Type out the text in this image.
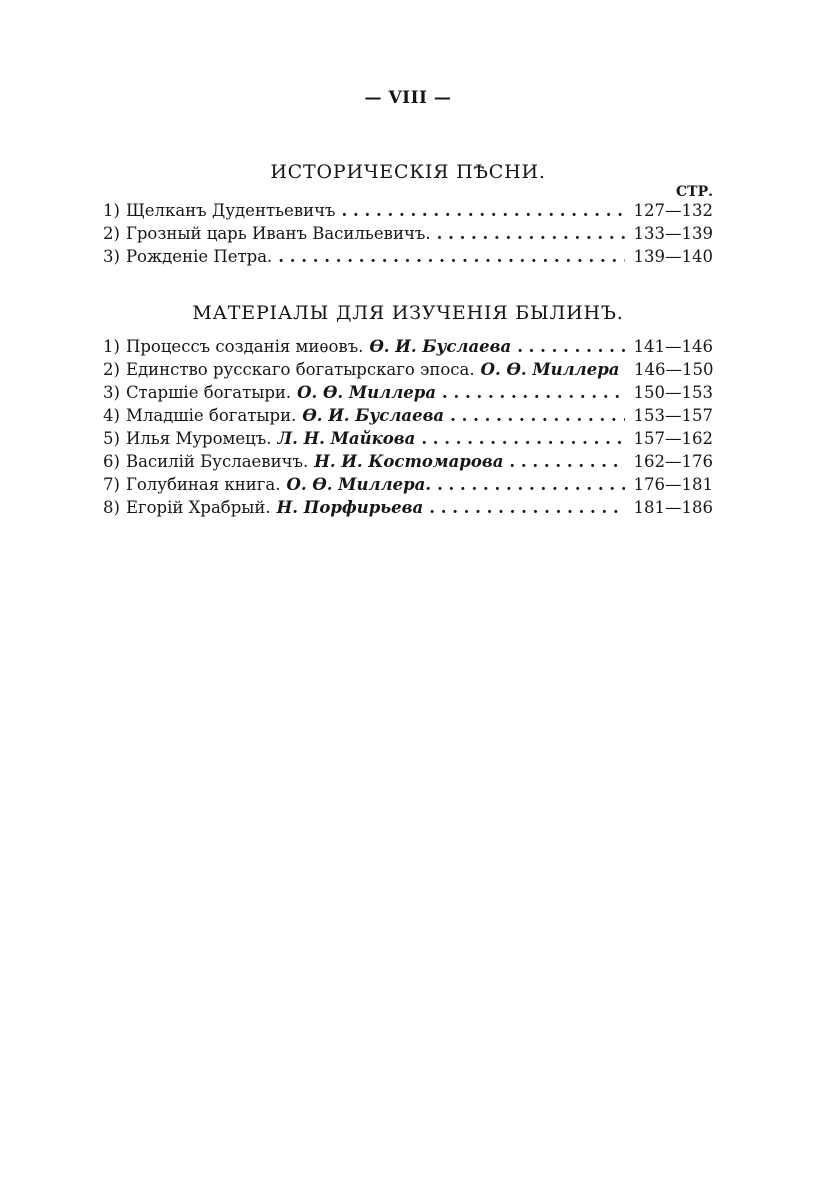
— VIII —
ИСТОРИЧЕСКІЯ ПѢСНИ.
СТР.
1) Щелканъ Дудентьевичъ . . .	127—132
2) Грозный царь Иванъ Васильевичъ. . . .	133—139
3) Рожденіе Петра. . . .	139—140
МАТЕРІАЛЫ ДЛЯ ИЗУЧЕНІЯ БЫЛИНЪ.
1) Процессъ созданія миѳовъ. Ѳ. И. Буслаева . . .	141—146
2) Единство русскаго богатырскаго эпоса. О. Ѳ. Миллера 146—150
3) Старшіе богатыри. О. Ѳ. Миллера . . .	150—153
4) Младшіе богатыри. Ѳ. И. Буслаева . . .	153—157
5) Илья Муромецъ. Л. Н. Майкова . . .	157—162
6) Василій Буслаевичъ. Н. И. Костомарова . . .	162—176
7) Голубиная книга. О. Ѳ. Миллера. . . .	176—181
8) Егорій Храбрый. Н. Порфирьева . . .	181—186
